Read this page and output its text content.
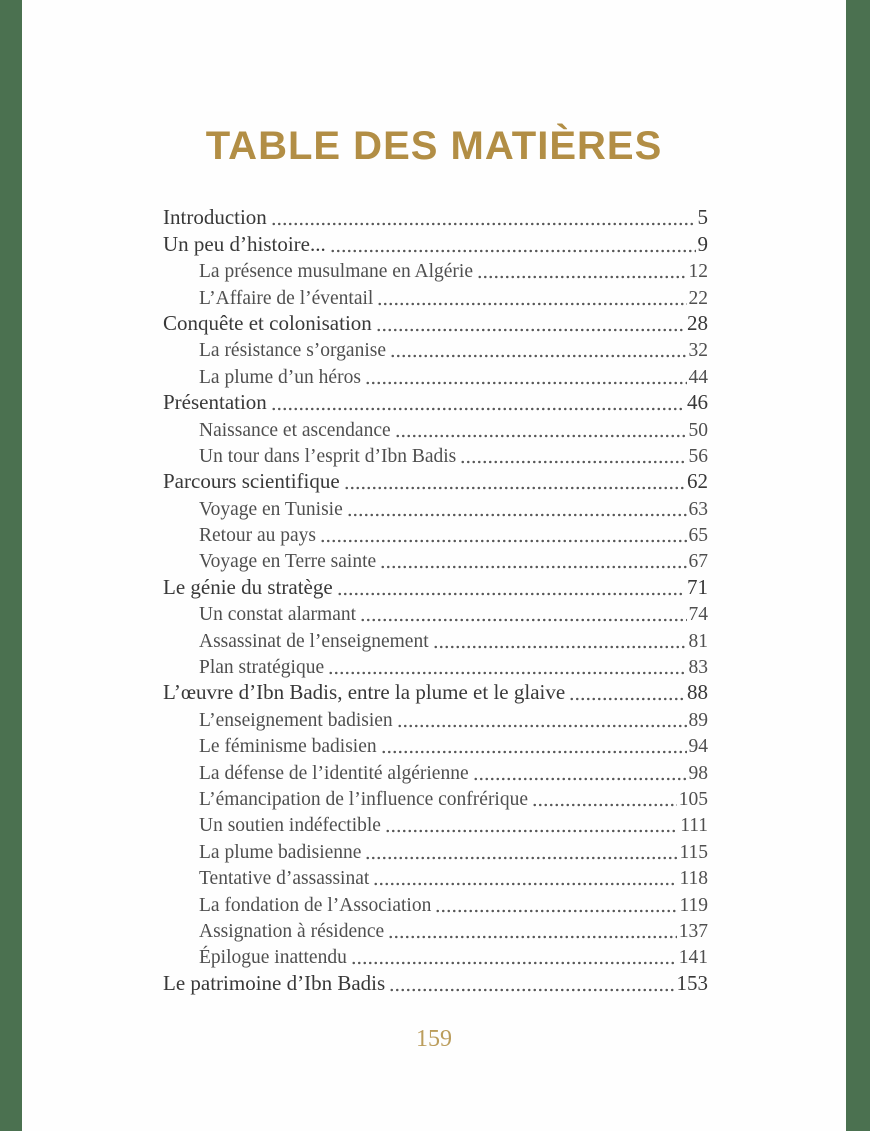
TABLE DES MATIÈRES
Introduction	5
Un peu d’histoire...	9
La présence musulmane en Algérie	12
L’Affaire de l’éventail	22
Conquête et colonisation	28
La résistance s’organise	32
La plume d’un héros	44
Présentation	46
Naissance et ascendance	50
Un tour dans l’esprit d’Ibn Badis	56
Parcours scientifique	62
Voyage en Tunisie	63
Retour au pays	65
Voyage en Terre sainte	67
Le génie du stratège	71
Un constat alarmant	74
Assassinat de l’enseignement	81
Plan stratégique	83
L’œuvre d’Ibn Badis, entre la plume et le glaive	88
L’enseignement badisien	89
Le féminisme badisien	94
La défense de l’identité algérienne	98
L’émancipation de l’influence confrérique	105
Un soutien indéfectible	111
La plume badisienne	115
Tentative d’assassinat	118
La fondation de l’Association	119
Assignation à résidence	137
Épilogue inattendu	141
Le patrimoine d’Ibn Badis	153
159
